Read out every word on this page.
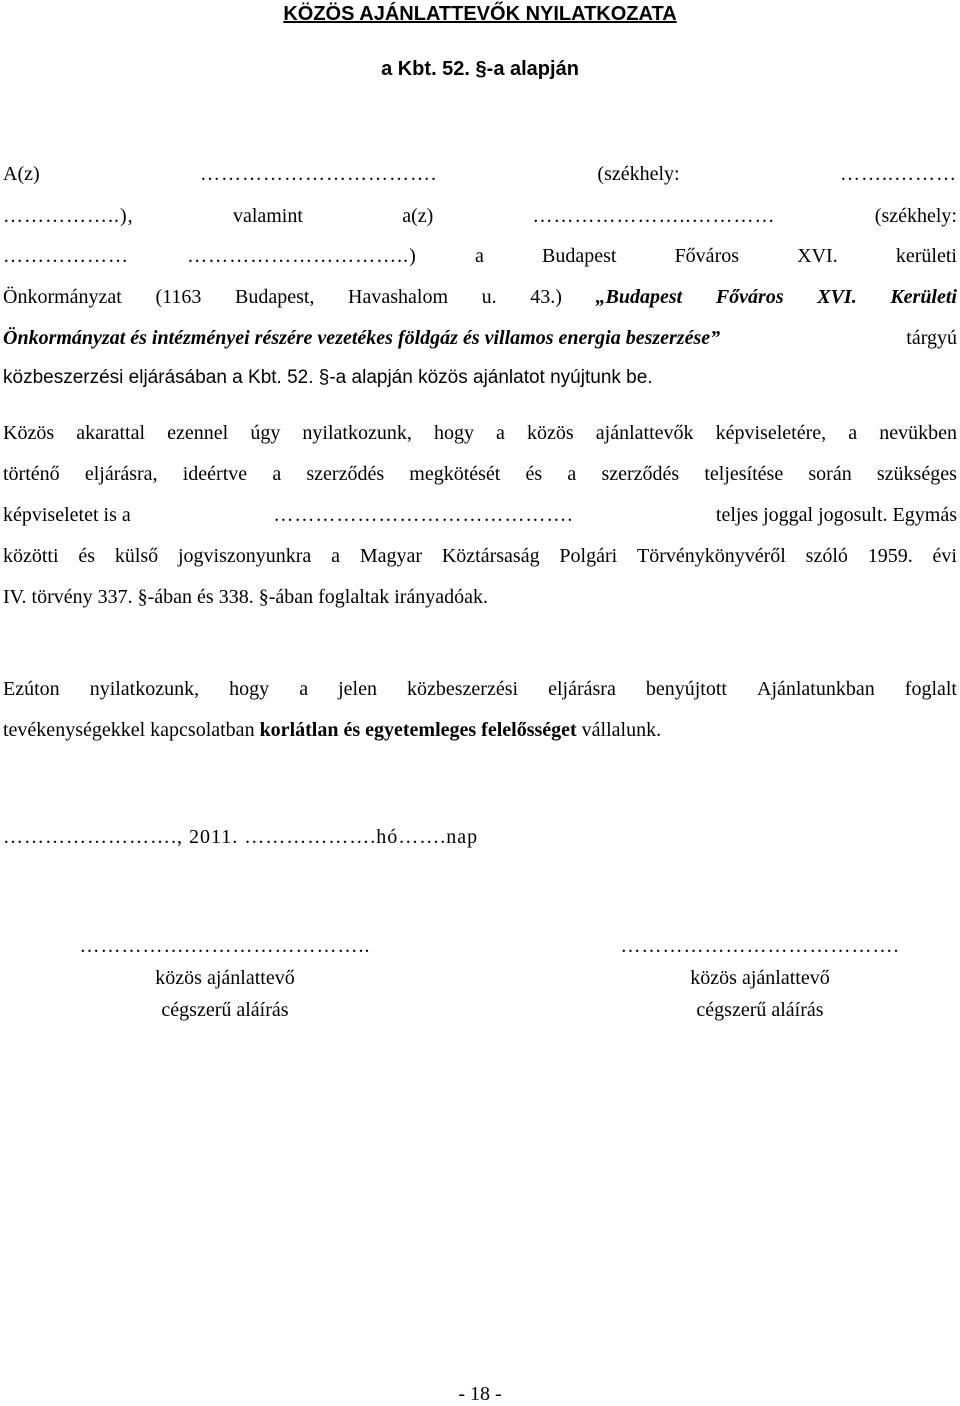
KÖZÖS AJÁNLATTEVŐK NYILATKOZATA
a Kbt. 52. §-a alapján
A(z)	…………………………….	(székhely:	……..………
……………..),	valamint	a(z)	…………………..…………	(székhely:
………………	…………………………..)	a	Budapest	Főváros	XVI.	kerületi
Önkormányzat (1163 Budapest, Havashalom u. 43.) „Budapest Főváros XVI. Kerületi
Önkormányzat és intézményei részére vezetékes földgáz és villamos energia beszerzése”	tárgyú
közbeszerzési eljárásában a Kbt. 52. §-a alapján közös ajánlatot nyújtunk be.
Közös akarattal ezennel úgy nyilatkozunk, hogy a közös ajánlattevők képviseletére, a nevükben
történő eljárásra, ideértve a szerződés megkötését és a szerződés teljesítése során szükséges
képviseletet is a	…………………………………….	teljes joggal jogosult. Egymás
közötti és külső jogviszonyunkra a Magyar Köztársaság Polgári Törvénykönyvéről szóló 1959. évi
IV. törvény 337. §-ában és 338. §-ában foglaltak irányadóak.
Ezúton nyilatkozunk, hogy a jelen közbeszerzési eljárásra benyújtott Ajánlatunkban foglalt
tevékenységekkel kapcsolatban
korlátlan és egyetemleges felelősséget
vállalunk.
……………………., 2011. ……………….hó…….nap
…………….……………………..
közös ajánlattevő
cégszerű aláírás
………………………………….
közös ajánlattevő
cégszerű aláírás
- 18 -
